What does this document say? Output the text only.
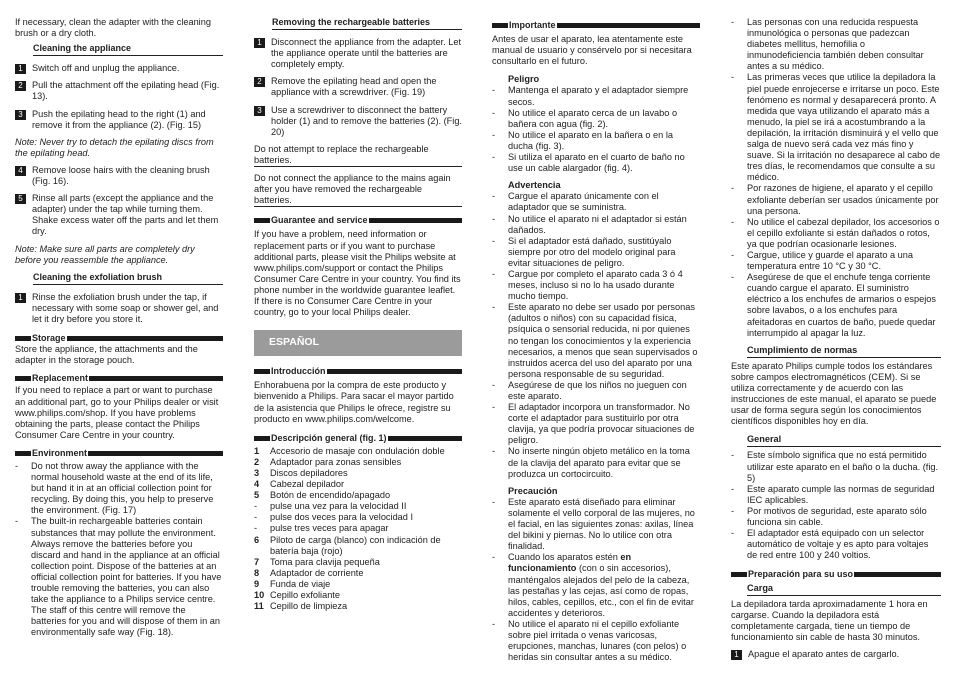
If necessary, clean the adapter with the cleaning brush or a dry cloth.

Cleaning the appliance

1	Switch off and unplug the appliance.
2	Pull the attachment off the epilating head (Fig. 13).
3	Push the epilating head to the right (1) and remove it from the appliance (2). (Fig. 15)

Note: Never try to detach the epilating discs from the epilating head.

4	Remove loose hairs with the cleaning brush (Fig. 16).
5	Rinse all parts (except the appliance and the adapter) under the tap while turning them. Shake excess water off the parts and let them dry.

Note: Make sure all parts are completely dry before you reassemble the appliance.

Cleaning the exfoliation brush

1	Rinse the exfoliation brush under the tap, if necessary with some soap or shower gel, and let it dry before you store it.
Storage

Store the appliance, the attachments and the adapter in the storage pouch.

Replacement

If you need to replace a part or want to purchase an additional part, go to your Philips dealer or visit www.philips.com/shop. If you have problems obtaining the parts, please contact the Philips Consumer Care Centre in your country.

Environment
-	Do not throw away the appliance with the normal household waste at the end of its life, but hand it in at an official collection point for recycling. By doing this, you help to preserve the environment. (Fig. 17)
-	The built-in rechargeable batteries contain substances that may pollute the environment. Always remove the batteries before you discard and hand in the appliance at an official collection point. Dispose of the batteries at an official collection point for batteries. If you have trouble removing the batteries, you can also take the appliance to a Philips service centre. The staff of this centre will remove the batteries for you and will dispose of them in an environmentally safe way (Fig. 18).

Removing the rechargeable batteries

1	Disconnect the appliance from the adapter. Let the appliance operate until the batteries are completely empty.
2	Remove the epilating head and open the appliance with a screwdriver. (Fig. 19)
3	Use a screwdriver to disconnect the battery holder (1) and to remove the batteries (2). (Fig. 20)

Do not attempt to replace the rechargeable batteries.

Do not connect the appliance to the mains again after you have removed the rechargeable batteries.

Guarantee and service

If you have a problem, need information or replacement parts or if you want to purchase additional parts, please visit the Philips website at www.philips.com/support or contact the Philips Consumer Care Centre in your country. You find its phone number in the worldwide guarantee leaflet. If there is no Consumer Care Centre in your country, go to your local Philips dealer.

ESPAÑOL
Introducción

Enhorabuena por la compra de este producto y bienvenido a Philips. Para sacar el mayor partido de la asistencia que Philips le ofrece, registre su producto en www.philips.com/welcome.

Descripción general (fig. 1)
1	Accesorio de masaje con ondulación doble
2	Adaptador para zonas sensibles
3	Discos depiladores
4	Cabezal depilador
5	Botón de encendido/apagado
-	pulse una vez para la velocidad II
-	pulse dos veces para la velocidad I
-	pulse tres veces para apagar
6	Piloto de carga (blanco) con indicación de batería baja (rojo)
7	Toma para clavija pequeña
8	Adaptador de corriente
9	Funda de viaje
10 Cepillo exfoliante
11 Cepillo de limpieza
Importante

Antes de usar el aparato, lea atentamente este manual de usuario y consérvelo por si necesitara consultarlo en el futuro.

Peligro

-	Mantenga el aparato y el adaptador siempre secos.
-	No utilice el aparato cerca de un lavabo o bañera con agua (fig. 2).
-	No utilice el aparato en la bañera o en la ducha (fig. 3).
-	Si utiliza el aparato en el cuarto de baño no use un cable alargador (fig. 4).

Advertencia

-	Cargue el aparato únicamente con el adaptador que se suministra.
-	No utilice el aparato ni el adaptador si están dañados.
-	Si el adaptador está dañado, sustitúyalo siempre por otro del modelo original para evitar situaciones de peligro.
-	Cargue por completo el aparato cada 3 ó 4 meses, incluso si no lo ha usado durante mucho tiempo.
-	Este aparato no debe ser usado por personas (adultos o niños) con su capacidad física, psíquica o sensorial reducida, ni por quienes no tengan los conocimientos y la experiencia necesarios, a menos que sean supervisados o instruidos acerca del uso del aparato por una persona responsable de su seguridad.
-	Asegúrese de que los niños no jueguen con este aparato.
-	El adaptador incorpora un transformador. No corte el adaptador para sustituirlo por otra clavija, ya que podría provocar situaciones de peligro.
-	No inserte ningún objeto metálico en la toma de la clavija del aparato para evitar que se produzca un cortocircuito.

Precaución

-	Este aparato está diseñado para eliminar solamente el vello corporal de las mujeres, no el facial, en las siguientes zonas: axilas, línea del bikini y piernas. No lo utilice con otra finalidad.
-	Cuando los aparatos estén en funcionamiento (con o sin accesorios), manténgalos alejados del pelo de la cabeza, las pestañas y las cejas, así como de ropas, hilos, cables, cepillos, etc., con el fin de evitar accidentes y deterioros.
-	No utilice el aparato ni el cepillo exfoliante sobre piel irritada o venas varicosas, erupciones, manchas, lunares (con pelos) o heridas sin consultar antes a su médico.
-	Las personas con una reducida respuesta inmunológica o personas que padezcan diabetes mellitus, hemofilia o inmunodeficiencia también deben consultar antes a su médico.
-	Las primeras veces que utilice la depiladora la piel puede enrojecerse e irritarse un poco. Este fenómeno es normal y desaparecerá pronto. A medida que vaya utilizando el aparato más a menudo, la piel se irá a acostumbrando a la depilación, la irritación disminuirá y el vello que salga de nuevo será cada vez más fino y suave. Si la irritación no desaparece al cabo de tres días, le recomendamos que consulte a su médico.
-	Por razones de higiene, el aparato y el cepillo exfoliante deberían ser usados únicamente por una persona.
-	No utilice el cabezal depilador, los accesorios o el cepillo exfoliante si están dañados o rotos, ya que podrían ocasionarle lesiones.
-	Cargue, utilice y guarde el aparato a una temperatura entre 10 °C y 30 °C.
-	Asegúrese de que el enchufe tenga corriente cuando cargue el aparato. El suministro eléctrico a los enchufes de armarios o espejos sobre lavabos, o a los enchufes para afeitadoras en cuartos de baño, puede quedar interrumpido al apagar la luz.

Cumplimiento de normas

Este aparato Philips cumple todos los estándares sobre campos electromagnéticos (CEM). Si se utiliza correctamente y de acuerdo con las instrucciones de este manual, el aparato se puede usar de forma segura según los conocimientos científicos disponibles hoy en día.

General

-	Este símbolo significa que no está permitido utilizar este aparato en el baño o la ducha. (fig. 5)
-	Este aparato cumple las normas de seguridad IEC aplicables.
-	Por motivos de seguridad, este aparato sólo funciona sin cable.
-	El adaptador está equipado con un selector automático de voltaje y es apto para voltajes de red entre 100 y 240 voltios.
Preparación para su uso

Carga

La depiladora tarda aproximadamente 1 hora en cargarse. Cuando la depiladora está completamente cargada, tiene un tiempo de funcionamiento sin cable de hasta 30 minutos.

1	Apague el aparato antes de cargarlo.
